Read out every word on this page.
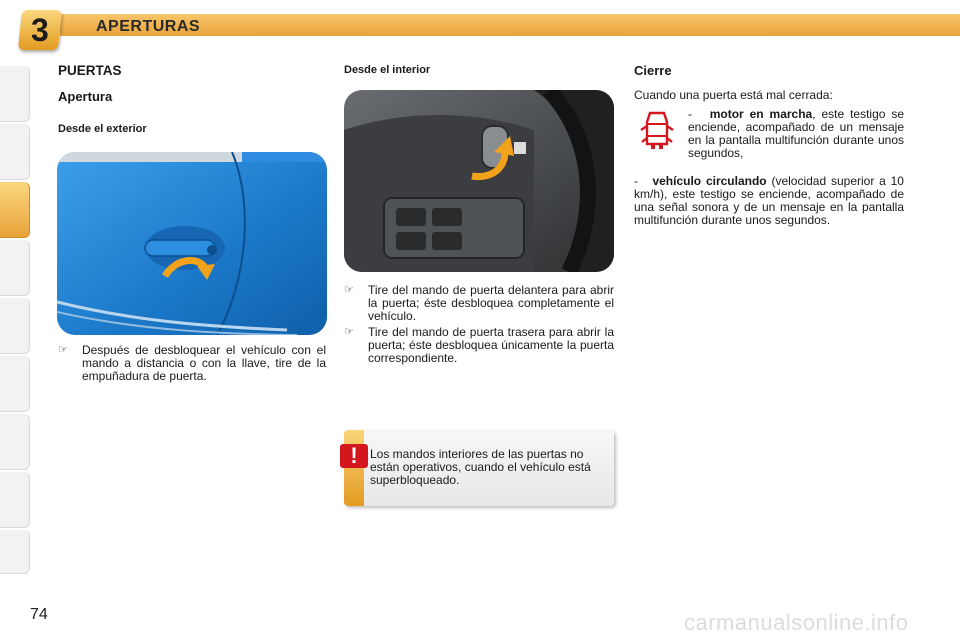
3	APERTURAS
PUERTAS
Apertura
Desde el exterior
☞	Después de desbloquear el vehículo con el mando a distancia o con la llave, tire de la empuñadura de puerta.
Desde el interior
☞	Tire del mando de puerta delantera para abrir la puerta; éste desbloquea completamente el vehículo.
☞	Tire del mando de puerta trasera para abrir la puerta; éste desbloquea únicamente la puerta correspondiente.
!	Los mandos interiores de las puertas no están operativos, cuando el vehículo está superbloqueado.
Cierre
Cuando una puerta está mal cerrada:
- motor en marcha, este testigo se enciende, acompañado de un mensaje en la pantalla multifunción durante unos segundos,
- vehículo circulando (velocidad superior a 10 km/h), este testigo se enciende, acompañado de una señal sonora y de un mensaje en la pantalla multifunción durante unos segundos.
74	carmanualsonline.info
